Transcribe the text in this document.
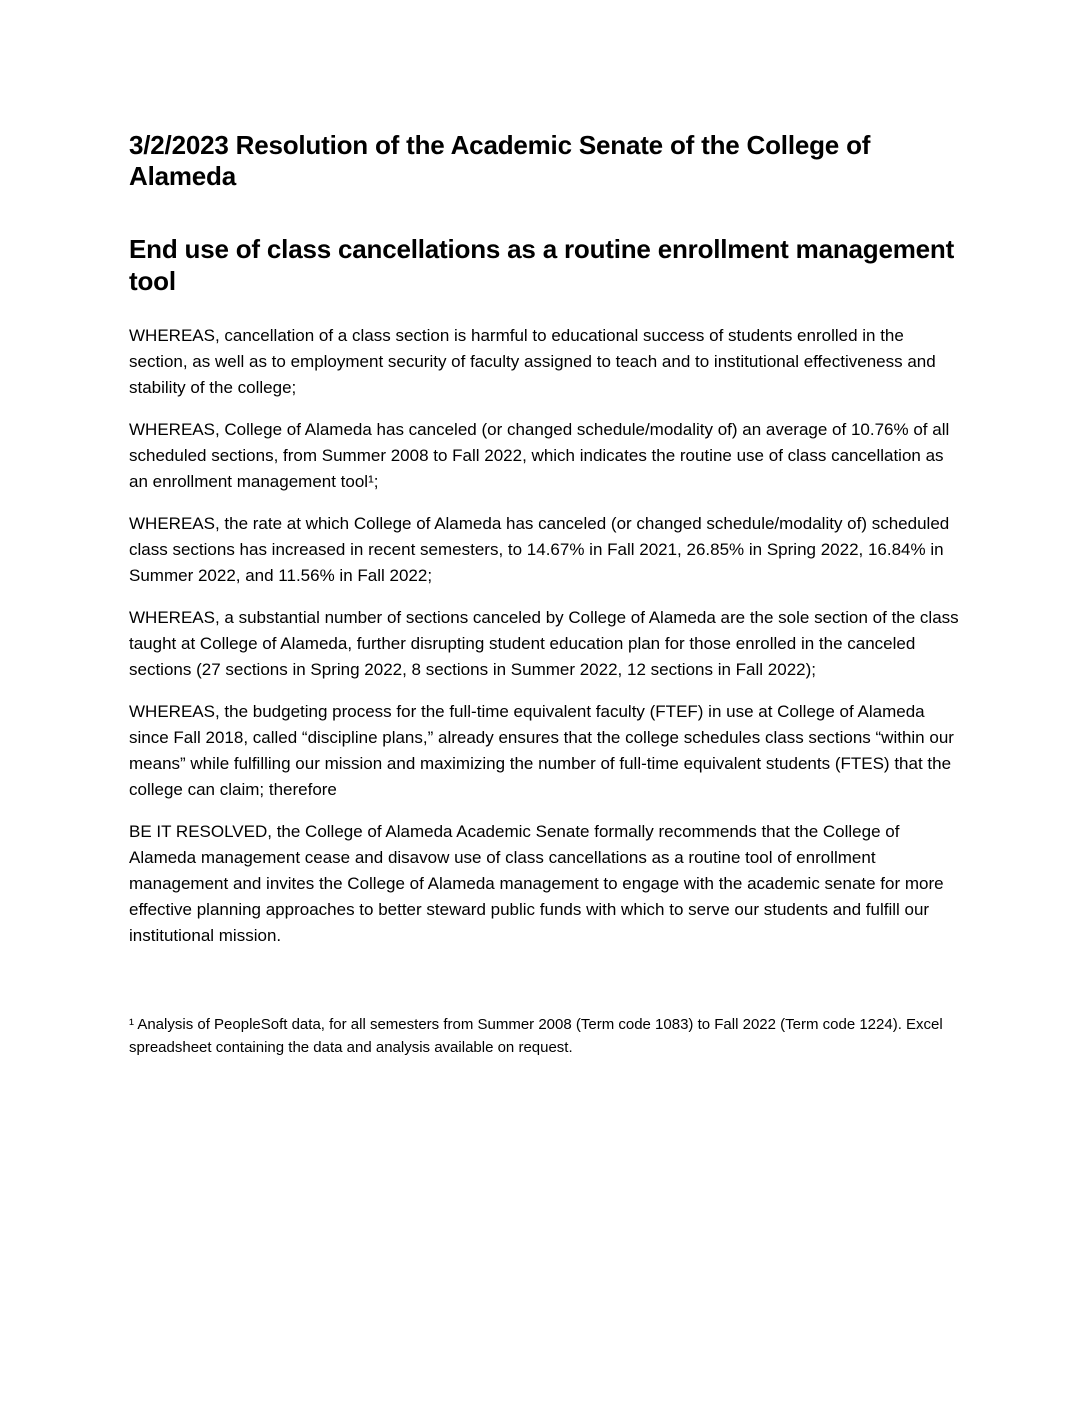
3/2/2023 Resolution of the Academic Senate of the College of Alameda
End use of class cancellations as a routine enrollment management tool

WHEREAS, cancellation of a class section is harmful to educational success of students enrolled in the section, as well as to employment security of faculty assigned to teach and to institutional effectiveness and stability of the college;

WHEREAS, College of Alameda has canceled (or changed schedule/modality of) an average of 10.76% of all scheduled sections, from Summer 2008 to Fall 2022, which indicates the routine use of class cancellation as an enrollment management tool¹;

WHEREAS, the rate at which College of Alameda has canceled (or changed schedule/modality of) scheduled class sections has increased in recent semesters, to 14.67% in Fall 2021, 26.85% in Spring 2022, 16.84% in Summer 2022, and 11.56% in Fall 2022;

WHEREAS, a substantial number of sections canceled by College of Alameda are the sole section of the class taught at College of Alameda, further disrupting student education plan for those enrolled in the canceled sections (27 sections in Spring 2022, 8 sections in Summer 2022, 12 sections in Fall 2022);

WHEREAS, the budgeting process for the full-time equivalent faculty (FTEF) in use at College of Alameda since Fall 2018, called “discipline plans,” already ensures that the college schedules class sections “within our means” while fulfilling our mission and maximizing the number of full-time equivalent students (FTES) that the college can claim; therefore

BE IT RESOLVED, the College of Alameda Academic Senate formally recommends that the College of Alameda management cease and disavow use of class cancellations as a routine tool of enrollment management and invites the College of Alameda management to engage with the academic senate for more effective planning approaches to better steward public funds with which to serve our students and fulfill our institutional mission.

¹ Analysis of PeopleSoft data, for all semesters from Summer 2008 (Term code 1083) to Fall 2022 (Term code 1224). Excel spreadsheet containing the data and analysis available on request.
